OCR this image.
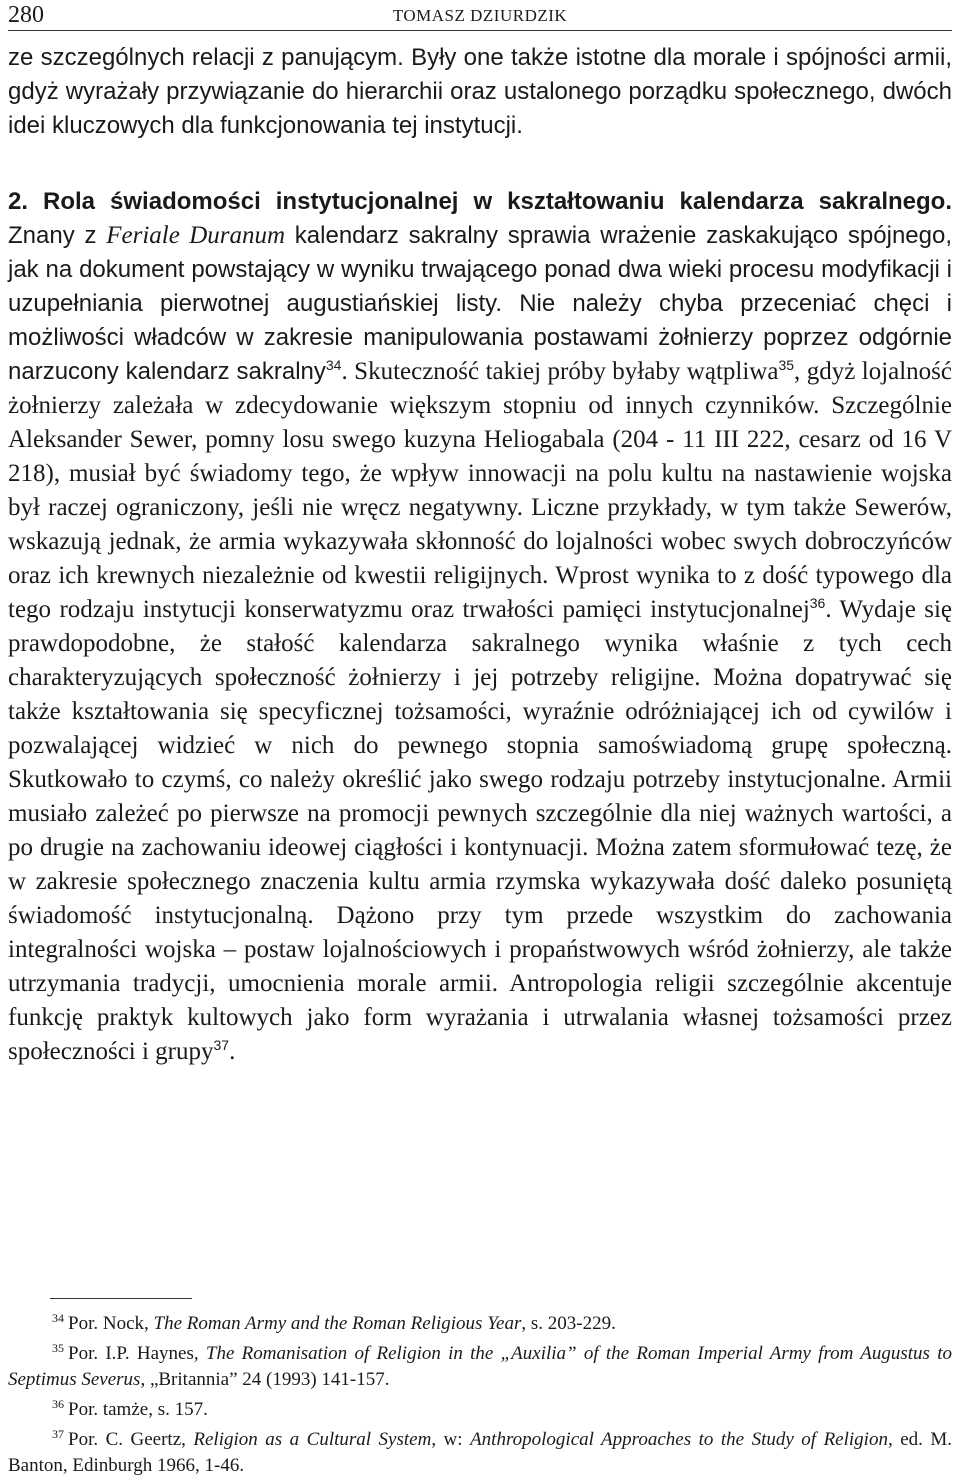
280	TOMASZ DZIURDZIK

ze szczególnych relacji z panującym. Były one także istotne dla morale i spójności armii, gdyż wyrażały przywiązanie do hierarchii oraz ustalonego porządku społecznego, dwóch idei kluczowych dla funkcjonowania tej instytucji.

2. Rola świadomości instytucjonalnej w kształtowaniu kalendarza sakralnego. Znany z Feriale Duranum kalendarz sakralny sprawia wrażenie zaskakująco spójnego, jak na dokument powstający w wyniku trwającego ponad dwa wieki procesu modyfikacji i uzupełniania pierwotnej augustiańskiej listy. Nie należy chyba przeceniać chęci i możliwości władców w zakresie manipulowania postawami żołnierzy poprzez odgórnie narzucony kalendarz sakralny$^{34}$. Skuteczność takiej próby byłaby wątpliwa$^{35}$, gdyż lojalność żołnierzy zależała w zdecydowanie większym stopniu od innych czynników. Szczególnie Aleksander Sewer, pomny losu swego kuzyna Heliogabala (204 - 11 III 222, cesarz od 16 V 218), musiał być świadomy tego, że wpływ innowacji na polu kultu na nastawienie wojska był raczej ograniczony, jeśli nie wręcz negatywny. Liczne przykłady, w tym także Sewerów, wskazują jednak, że armia wykazywała skłonność do lojalności wobec swych dobroczyńców oraz ich krewnych niezależnie od kwestii religijnych. Wprost wynika to z dość typowego dla tego rodzaju instytucji konserwatyzmu oraz trwałości pamięci instytucjonalnej$^{36}$. Wydaje się prawdopodobne, że stałość kalendarza sakralnego wynika właśnie z tych cech charakteryzujących społeczność żołnierzy i jej potrzeby religijne. Można dopatrywać się także kształtowania się specyficznej tożsamości, wyraźnie odróżniającej ich od cywilów i pozwalającej widzieć w nich do pewnego stopnia samoświadomą grupę społeczną. Skutkowało to czymś, co należy określić jako swego rodzaju potrzeby instytucjonalne. Armii musiało zależeć po pierwsze na promocji pewnych szczególnie dla niej ważnych wartości, a po drugie na zachowaniu ideowej ciągłości i kontynuacji. Można zatem sformułować tezę, że w zakresie społecznego znaczenia kultu armia rzymska wykazywała dość daleko posuniętą świadomość instytucjonalną. Dążono przy tym przede wszystkim do zachowania integralności wojska – postaw lojalnościowych i propaństwowych wśród żołnierzy, ale także utrzymania tradycji, umocnienia morale armii. Antropologia religii szczególnie akcentuje funkcję praktyk kultowych jako form wyrażania i utrwalania własnej tożsamości przez społeczności i grupy$^{37}$.

$^{34}$ Por. Nock, The Roman Army and the Roman Religious Year, s. 203-229.

$^{35}$ Por. I.P. Haynes, The Romanisation of Religion in the „Auxilia” of the Roman Imperial Army from Augustus to Septimus Severus, „Britannia” 24 (1993) 141-157.

$^{36}$ Por. tamże, s. 157.

$^{37}$ Por. C. Geertz, Religion as a Cultural System, w: Anthropological Approaches to the Study of Religion, ed. M. Banton, Edinburgh 1966, 1-46.
